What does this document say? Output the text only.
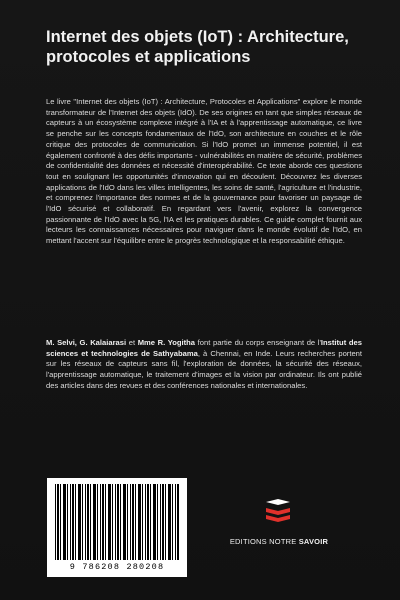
Internet des objets (IoT) : Architecture, protocoles et applications
Le livre "Internet des objets (IoT) : Architecture, Protocoles et Applications" explore le monde transformateur de l'Internet des objets (IdO). De ses origines en tant que simples réseaux de capteurs à un écosystème complexe intégré à l'IA et à l'apprentissage automatique, ce livre se penche sur les concepts fondamentaux de l'IdO, son architecture en couches et le rôle critique des protocoles de communication. Si l'IdO promet un immense potentiel, il est également confronté à des défis importants - vulnérabilités en matière de sécurité, problèmes de confidentialité des données et nécessité d'interopérabilité. Ce texte aborde ces questions tout en soulignant les opportunités d'innovation qui en découlent. Découvrez les diverses applications de l'IdO dans les villes intelligentes, les soins de santé, l'agriculture et l'industrie, et comprenez l'importance des normes et de la gouvernance pour favoriser un paysage de l'IdO sécurisé et collaboratif. En regardant vers l'avenir, explorez la convergence passionnante de l'IdO avec la 5G, l'IA et les pratiques durables. Ce guide complet fournit aux lecteurs les connaissances nécessaires pour naviguer dans le monde évolutif de l'IdO, en mettant l'accent sur l'équilibre entre le progrès technologique et la responsabilité éthique.
M. Selvi, G. Kalaiarasi et Mme R. Yogitha font partie du corps enseignant de l'Institut des sciences et technologies de Sathyabama, à Chennai, en Inde. Leurs recherches portent sur les réseaux de capteurs sans fil, l'exploration de données, la sécurité des réseaux, l'apprentissage automatique, le traitement d'images et la vision par ordinateur. Ils ont publié des articles dans des revues et des conférences nationales et internationales.
9 786208 280208
EDITIONS NOTRE SAVOIR
